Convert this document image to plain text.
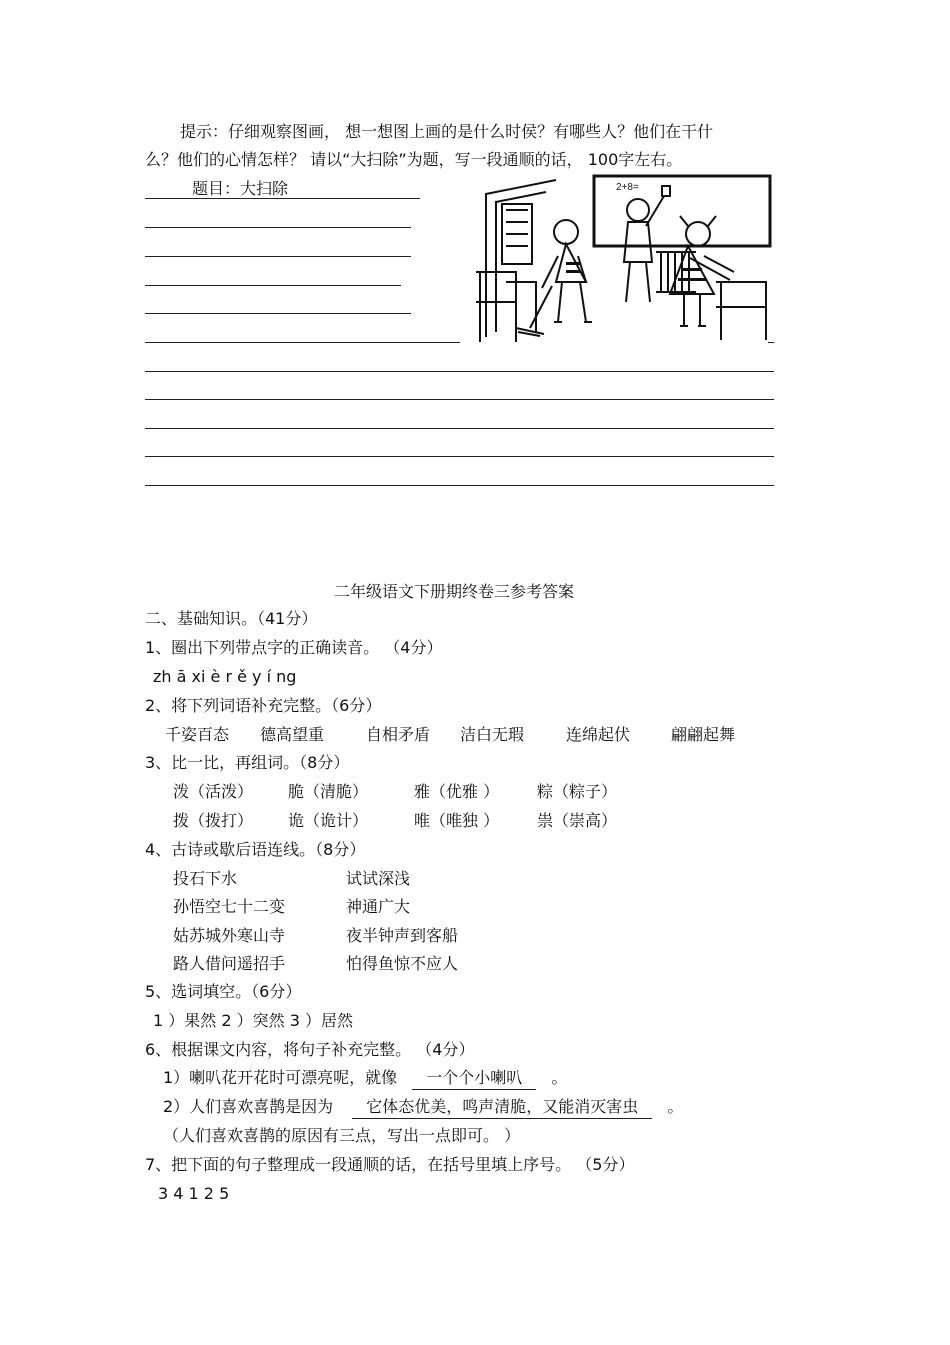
提示：仔细观察图画， 想一想图上画的是什么时侯？有哪些人？他们在干什
么？他们的心情怎样？ 请以“大扫除”为题，写一段通顺的话， 100字左右。
题目：大扫除	2+8=
二年级语文下册期终卷三参考答案
二、基础知识。（41分）
1、圈出下列带点字的正确读音。 （4分）
zh ā xi è r ě y í ng
2、将下列词语补充完整。（6分）
千姿百态 德高望重	自相矛盾 洁白无瑕	连绵起伏	翩翩起舞
3、比一比，再组词。（8分）
泼（活泼） 脆（清脆）	雅（优雅 ） 粽（粽子）
拨（拨打） 诡（诡计）	唯（唯独 ） 祟（崇高）
4、古诗或歇后语连线。（8分）
投石下水	试试深浅
孙悟空七十二变	神通广大
姑苏城外寒山寺	夜半钟声到客船
路人借问遥招手	怕得鱼惊不应人
5、选词填空。（6分）
1 ）果然 2 ）突然 3 ）居然
6、根据课文内容，将句子补充完整。 （4分）
1）喇叭花开花时可漂亮呢，就像 一个个小喇叭 。
2）人们喜欢喜鹊是因为 它体态优美，鸣声清脆，又能消灭害虫 。
（人们喜欢喜鹊的原因有三点，写出一点即可。 ）
7、把下面的句子整理成一段通顺的话，在括号里填上序号。 （5分）
3 4 1 2 5
